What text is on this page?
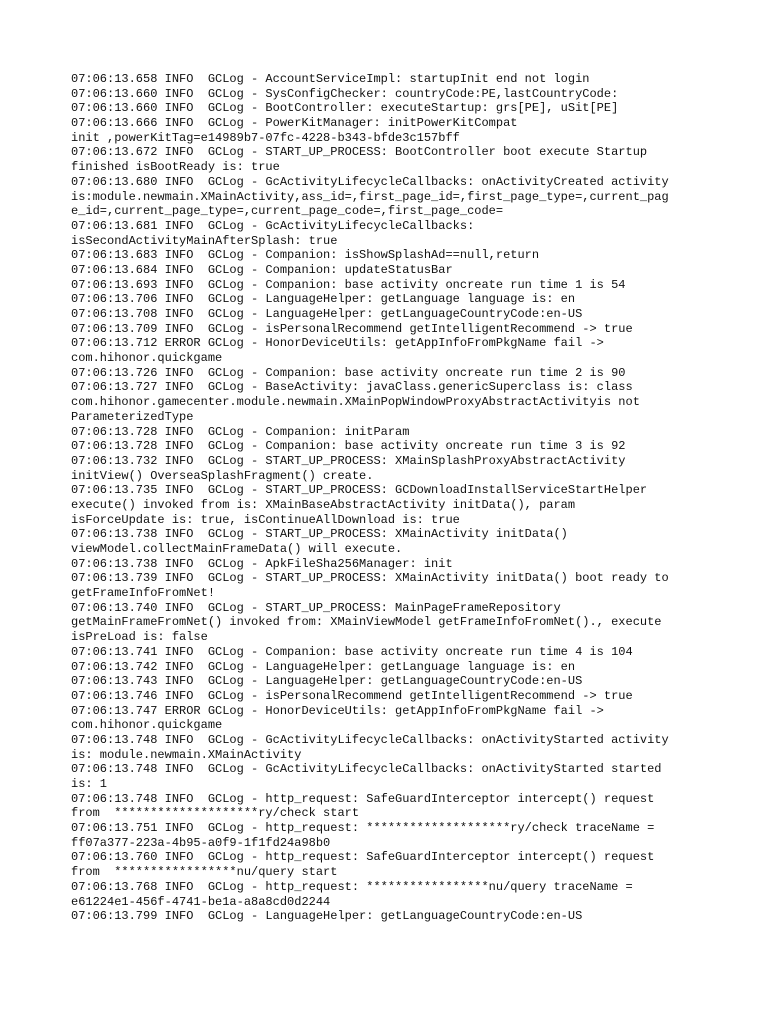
07:06:13.658 INFO  GCLog - AccountServiceImpl: startupInit end not login
07:06:13.660 INFO  GCLog - SysConfigChecker: countryCode:PE,lastCountryCode:
07:06:13.660 INFO  GCLog - BootController: executeStartup: grs[PE], uSit[PE]
07:06:13.666 INFO  GCLog - PowerKitManager: initPowerKitCompat
init ,powerKitTag=e14989b7-07fc-4228-b343-bfde3c157bff
07:06:13.672 INFO  GCLog - START_UP_PROCESS: BootController boot execute Startup
finished isBootReady is: true
07:06:13.680 INFO  GCLog - GcActivityLifecycleCallbacks: onActivityCreated activity
is:module.newmain.XMainActivity,ass_id=,first_page_id=,first_page_type=,current_pag
e_id=,current_page_type=,current_page_code=,first_page_code=
07:06:13.681 INFO  GCLog - GcActivityLifecycleCallbacks:
isSecondActivityMainAfterSplash: true
07:06:13.683 INFO  GCLog - Companion: isShowSplashAd==null,return
07:06:13.684 INFO  GCLog - Companion: updateStatusBar
07:06:13.693 INFO  GCLog - Companion: base activity oncreate run time 1 is 54
07:06:13.706 INFO  GCLog - LanguageHelper: getLanguage language is: en
07:06:13.708 INFO  GCLog - LanguageHelper: getLanguageCountryCode:en-US
07:06:13.709 INFO  GCLog - isPersonalRecommend getIntelligentRecommend -> true
07:06:13.712 ERROR GCLog - HonorDeviceUtils: getAppInfoFromPkgName fail ->
com.hihonor.quickgame
07:06:13.726 INFO  GCLog - Companion: base activity oncreate run time 2 is 90
07:06:13.727 INFO  GCLog - BaseActivity: javaClass.genericSuperclass is: class
com.hihonor.gamecenter.module.newmain.XMainPopWindowProxyAbstractActivityis not
ParameterizedType
07:06:13.728 INFO  GCLog - Companion: initParam
07:06:13.728 INFO  GCLog - Companion: base activity oncreate run time 3 is 92
07:06:13.732 INFO  GCLog - START_UP_PROCESS: XMainSplashProxyAbstractActivity
initView() OverseaSplashFragment() create.
07:06:13.735 INFO  GCLog - START_UP_PROCESS: GCDownloadInstallServiceStartHelper
execute() invoked from is: XMainBaseAbstractActivity initData(), param
isForceUpdate is: true, isContinueAllDownload is: true
07:06:13.738 INFO  GCLog - START_UP_PROCESS: XMainActivity initData()
viewModel.collectMainFrameData() will execute.
07:06:13.738 INFO  GCLog - ApkFileSha256Manager: init
07:06:13.739 INFO  GCLog - START_UP_PROCESS: XMainActivity initData() boot ready to
getFrameInfoFromNet!
07:06:13.740 INFO  GCLog - START_UP_PROCESS: MainPageFrameRepository
getMainFrameFromNet() invoked from: XMainViewModel getFrameInfoFromNet()., execute
isPreLoad is: false
07:06:13.741 INFO  GCLog - Companion: base activity oncreate run time 4 is 104
07:06:13.742 INFO  GCLog - LanguageHelper: getLanguage language is: en
07:06:13.743 INFO  GCLog - LanguageHelper: getLanguageCountryCode:en-US
07:06:13.746 INFO  GCLog - isPersonalRecommend getIntelligentRecommend -> true
07:06:13.747 ERROR GCLog - HonorDeviceUtils: getAppInfoFromPkgName fail ->
com.hihonor.quickgame
07:06:13.748 INFO  GCLog - GcActivityLifecycleCallbacks: onActivityStarted activity
is: module.newmain.XMainActivity
07:06:13.748 INFO  GCLog - GcActivityLifecycleCallbacks: onActivityStarted started
is: 1
07:06:13.748 INFO  GCLog - http_request: SafeGuardInterceptor intercept() request
from  ********************ry/check start
07:06:13.751 INFO  GCLog - http_request: ********************ry/check traceName =
ff07a377-223a-4b95-a0f9-1f1fd24a98b0
07:06:13.760 INFO  GCLog - http_request: SafeGuardInterceptor intercept() request
from  *****************nu/query start
07:06:13.768 INFO  GCLog - http_request: *****************nu/query traceName =
e61224e1-456f-4741-be1a-a8a8cd0d2244
07:06:13.799 INFO  GCLog - LanguageHelper: getLanguageCountryCode:en-US
